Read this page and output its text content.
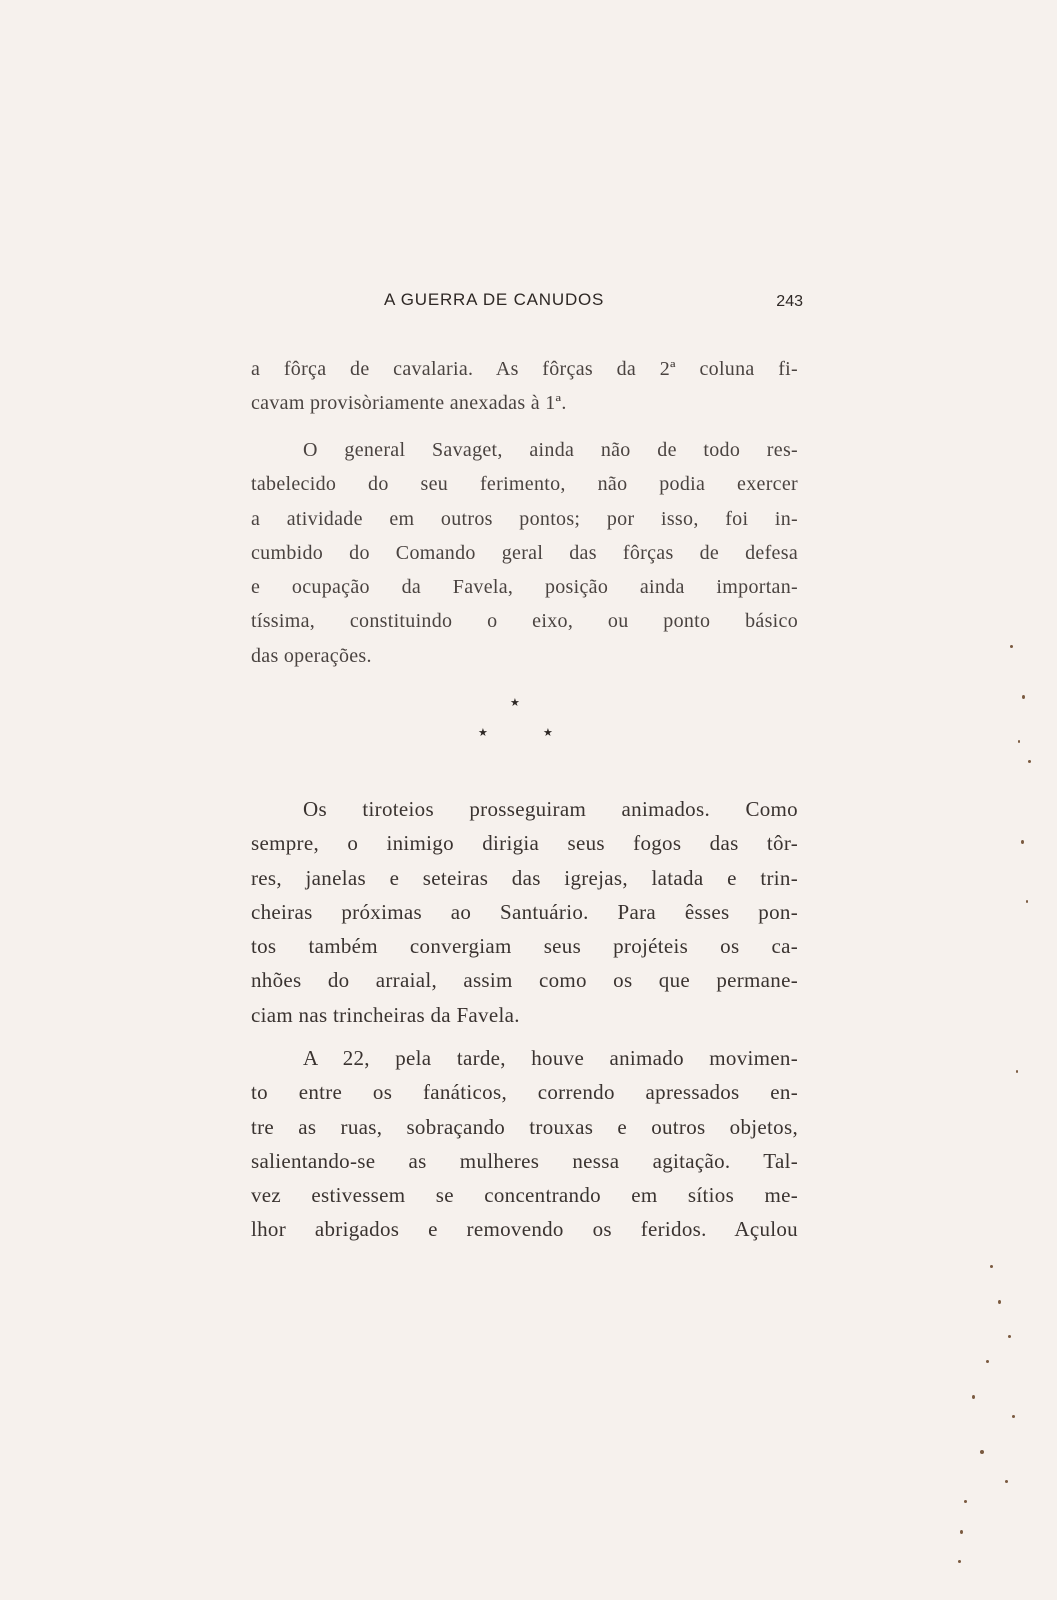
A GUERRA DE CANUDOS	243
a fôrça de cavalaria. As fôrças da 2ª coluna fi-
cavam provisòriamente anexadas à 1ª.
O general Savaget, ainda não de todo res-
tabelecido do seu ferimento, não podia exercer
a atividade em outros pontos; por isso, foi in-
cumbido do Comando geral das fôrças de defesa
e ocupação da Favela, posição ainda importan-
tíssima, constituindo o eixo, ou ponto básico
das operações.
★
★	★
Os tiroteios prosseguiram animados. Como
sempre, o inimigo dirigia seus fogos das tôr-
res, janelas e seteiras das igrejas, latada e trin-
cheiras próximas ao Santuário. Para êsses pon-
tos também convergiam seus projéteis os ca-
nhões do arraial, assim como os que permane-
ciam nas trincheiras da Favela.
A 22, pela tarde, houve animado movimen-
to entre os fanáticos, correndo apressados en-
tre as ruas, sobraçando trouxas e outros objetos,
salientando-se as mulheres nessa agitação. Tal-
vez estivessem se concentrando em sítios me-
lhor abrigados e removendo os feridos. Açulou
